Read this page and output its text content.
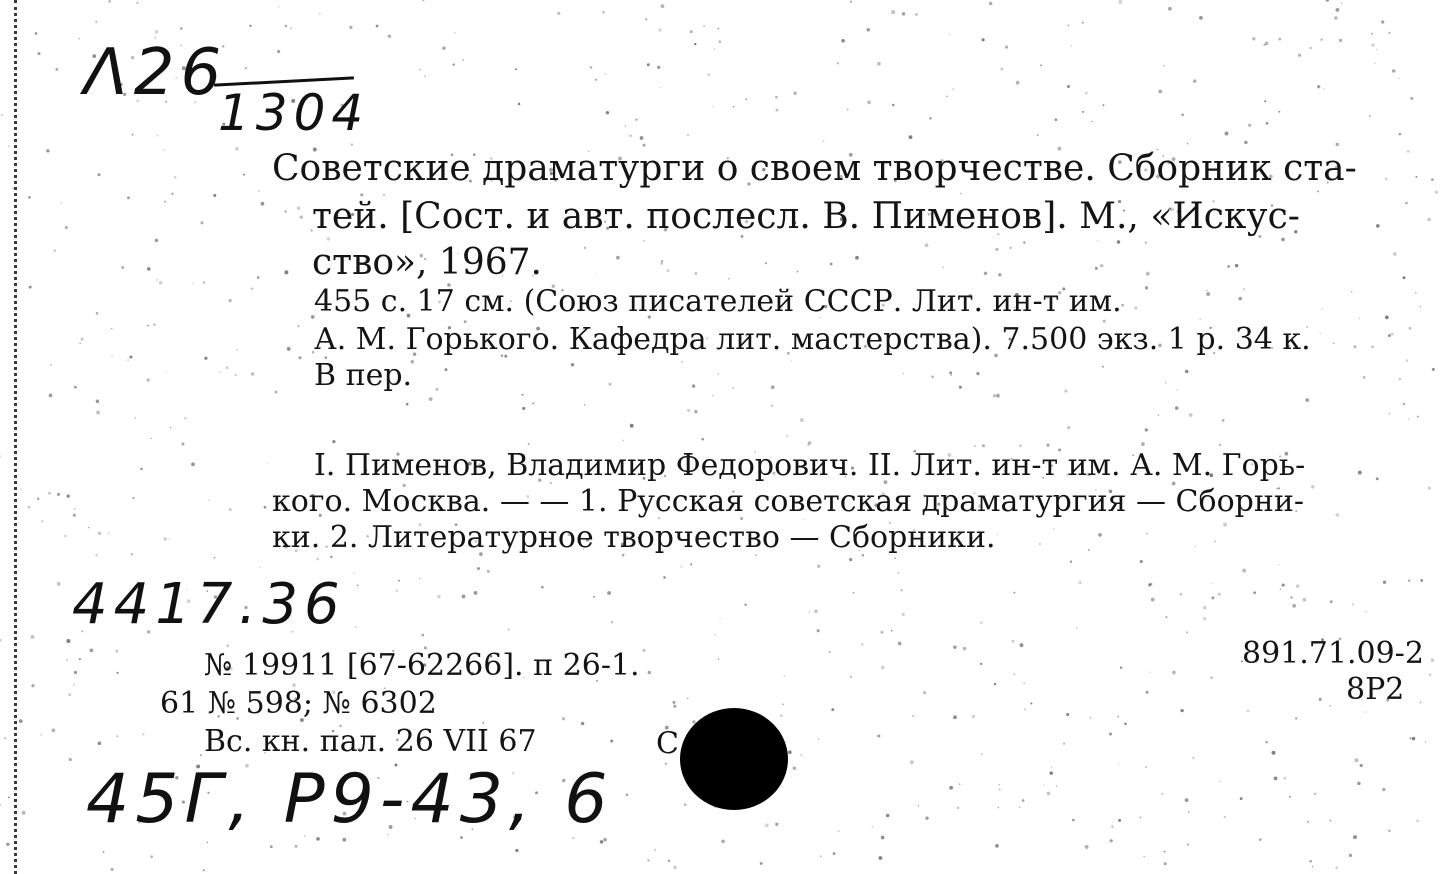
Λ26

1304

Советские драматурги о своем творчестве. Сборник ста-

тей. [Сост. и авт. послесл. В. Пименов]. М., «Искус-

ство», 1967.

455 с. 17 см. (Союз писателей СССР. Лит. ин-т им.

А. М. Горького. Кафедра лит. мастерства). 7.500 экз. 1 р. 34 к.

В пер.

I. Пименов, Владимир Федорович. II. Лит. ин-т им. А. М. Горь-

кого. Москва. — — 1. Русская советская драматургия — Сборни-

ки. 2. Литературное творчество — Сборники.

4417.36

№ 19911 [67-62266]. п 26-1.	891.71.09-2

8Р2

61 № 598; № 6302

Вс. кн. пал. 26 VII 67	С

45Г, Р9-43, 6
